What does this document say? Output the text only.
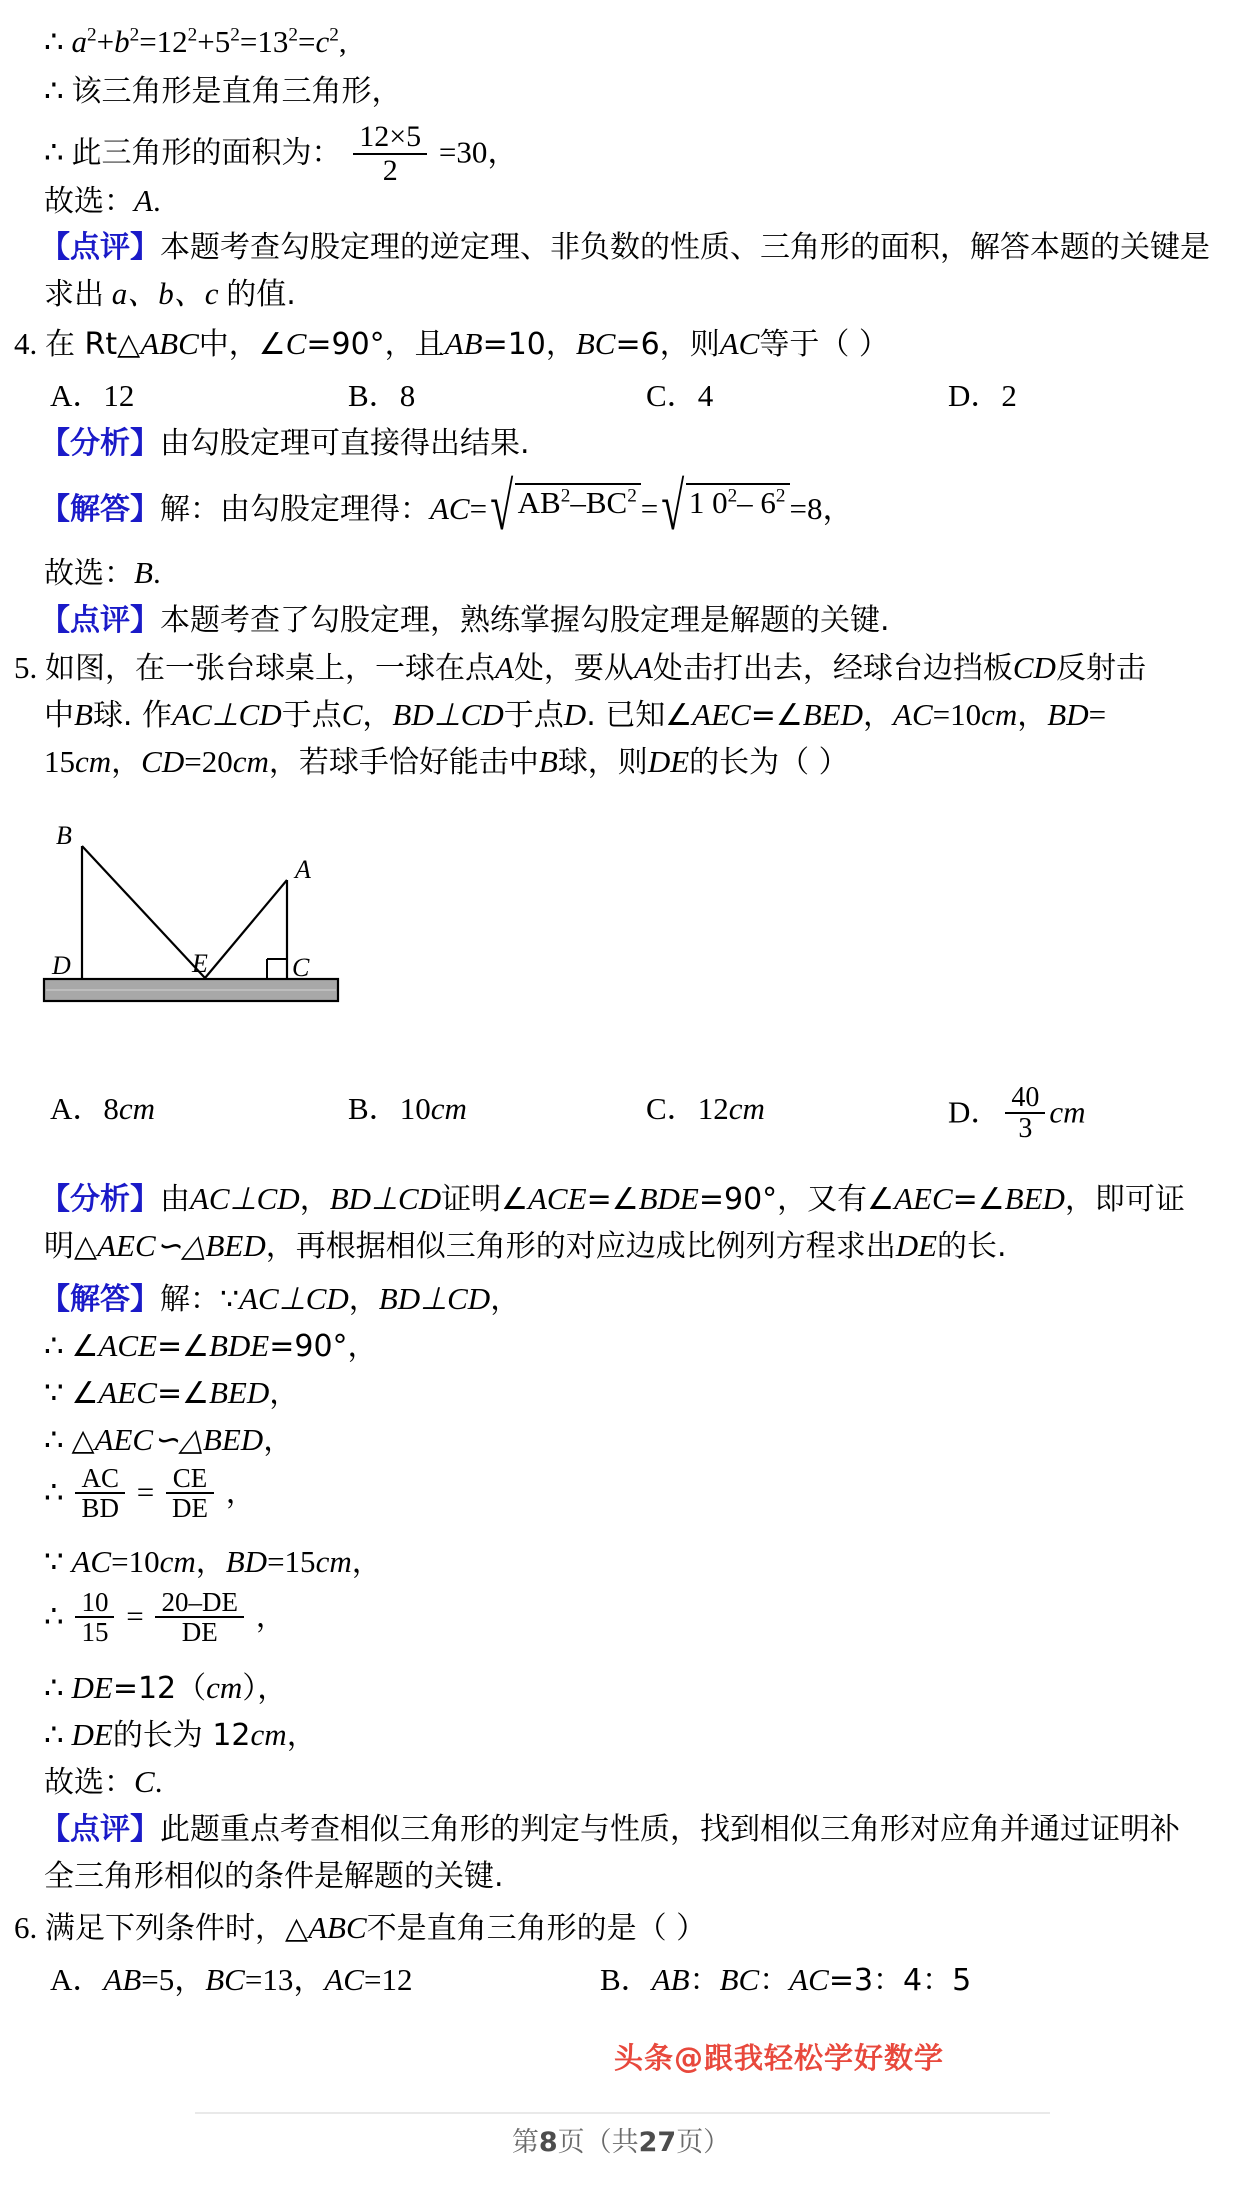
∴ $a^2+b^2=12^2+5^2=13^2=c^2$,
∴ 该三角形是直角三角形，
∴ 此三角形的面积为： $\frac{12\times 5}{2} =30$，
故选：A.
【点评】本题考查勾股定理的逆定理、非负数的性质、三角形的面积，解答本题的关键是
求出 a、b、c 的值.
4. 在 Rt△ABC中，∠C=90°，且AB=10，BC=6，则AC等于（ ）
A．12	B．8	C．4	D．2
【分析】由勾股定理可直接得出结果.
【解答】解：由勾股定理得：AC=√ $AB^2-BC^2$ =√ 1 $0^2-$ $6^2 =8$，
故选：B.
【点评】本题考查了勾股定理，熟练掌握勾股定理是解题的关键.
5. 如图，在一张台球桌上，一球在点A处，要从A处击打出去，经球台边挡板CD反射击
中B球. 作AC⊥CD于点C，BD⊥CD于点D. 已知∠AEC=∠BED，AC=10cm，BD=
15cm，CD=20cm，若球手恰好能击中B球，则DE的长为（ ）
B
A
D	E	C
A．8cm	B．10cm	C．12cm	D． $\frac{40}{3}$ cm
【分析】由AC⊥CD，BD⊥CD证明∠ACE=∠BDE=90°，又有∠AEC=∠BED，即可证
明△AEC∽△BED，再根据相似三角形的对应边成比例列方程求出DE的长.
【解答】解：∵AC⊥CD，BD⊥CD，
∴ ∠ACE=∠BDE=90°，
∵ ∠AEC=∠BED，
∴ △AEC∽△BED，
∴ $\frac{AC}{BD} = \frac{CE}{DE}$ ，
∵ AC=10cm，BD=15cm，
∴ $\frac{10}{15} = \frac{20-DE}{DE}$ ，
∴ DE=12（cm），
∴ DE的长为 12cm，
故选：C.
【点评】此题重点考查相似三角形的判定与性质，找到相似三角形对应角并通过证明补
全三角形相似的条件是解题的关键.
6. 满足下列条件时，△ABC不是直角三角形的是（ ）
A．AB=5，BC=13，AC=12	B．AB：BC：AC=3：4：5
头条@跟我轻松学好数学
第8页（共27页）
